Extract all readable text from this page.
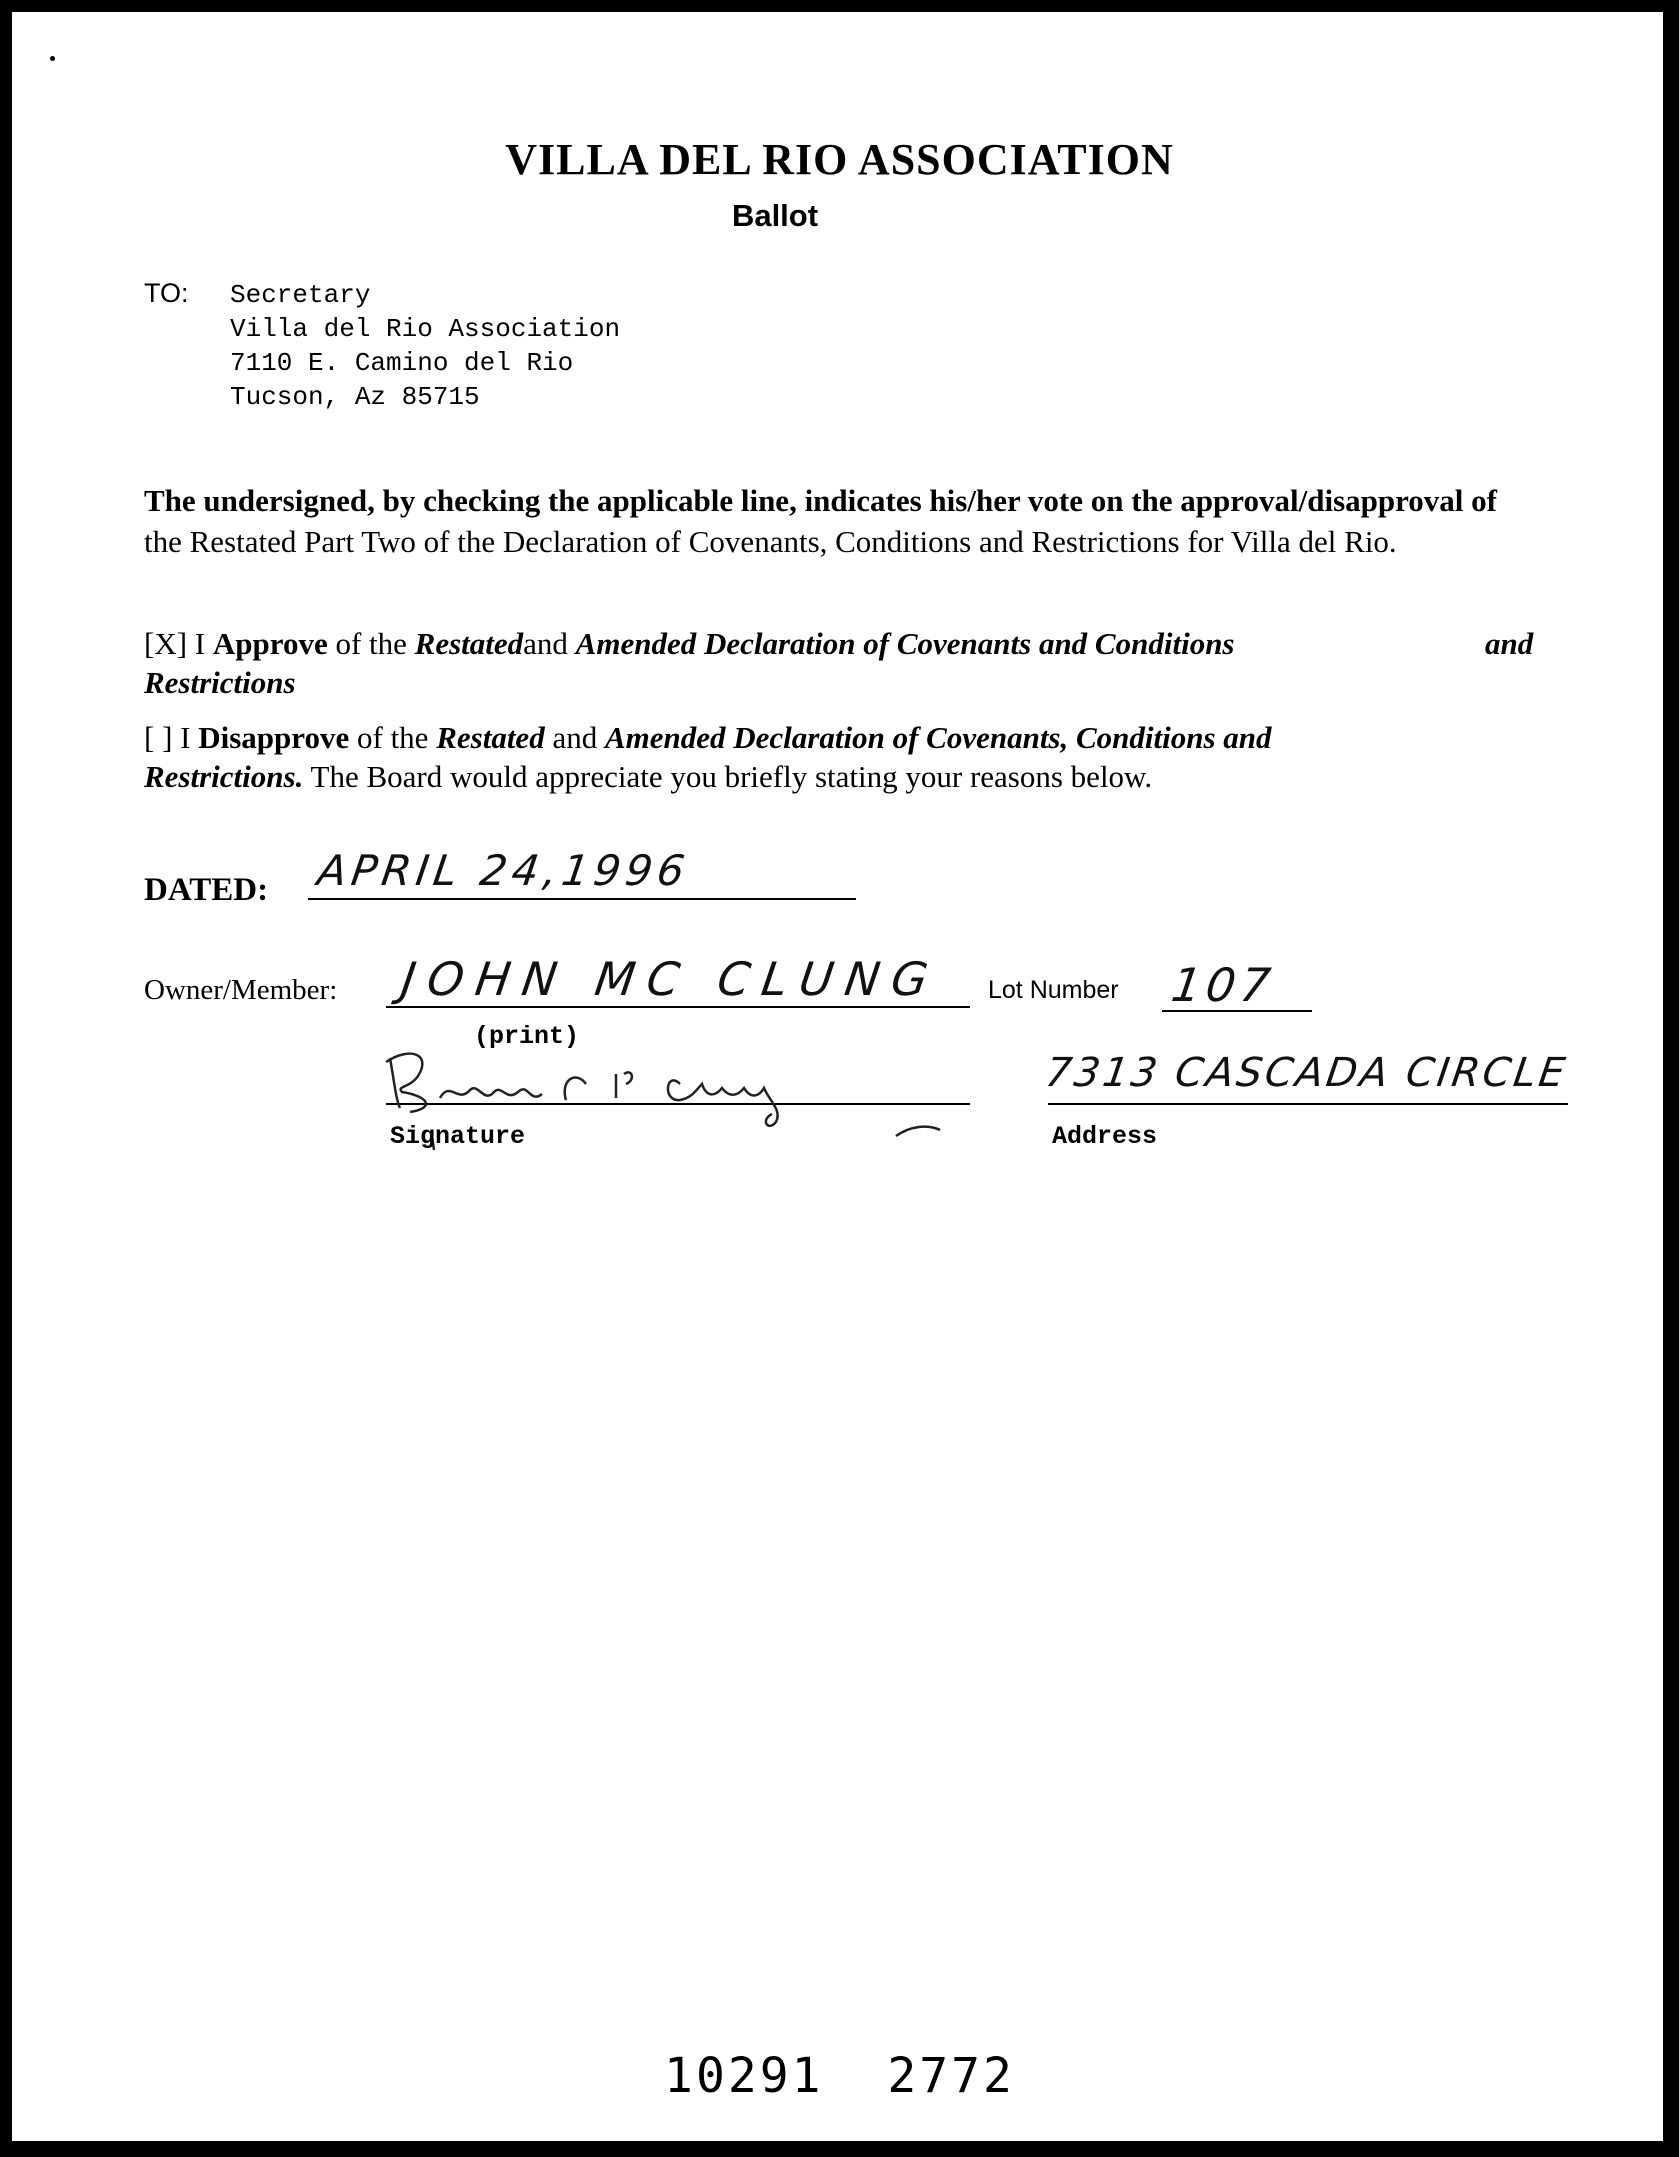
VILLA DEL RIO ASSOCIATION
Ballot
TO: Secretary
Villa del Rio Association
7110 E. Camino del Rio
Tucson, Az 85715
The undersigned, by checking the applicable line, indicates his/her vote on the approval/disapproval of
the Restated Part Two of the Declaration of Covenants, Conditions and Restrictions for Villa del Rio.
[X] I Approve of the Restatedand Amended Declaration of Covenants and Conditions	and

Restrictions
[ ] I Disapprove of the Restated and Amended Declaration of Covenants, Conditions and
Restrictions. The Board would appreciate you briefly stating your reasons below.
DATED: APRIL 24,1996
Owner/Member: JOHN MC CLUNG
(print)
Lot Number 107
Signature
7313 CASCADA CIRCLE
Address
10291  2772
